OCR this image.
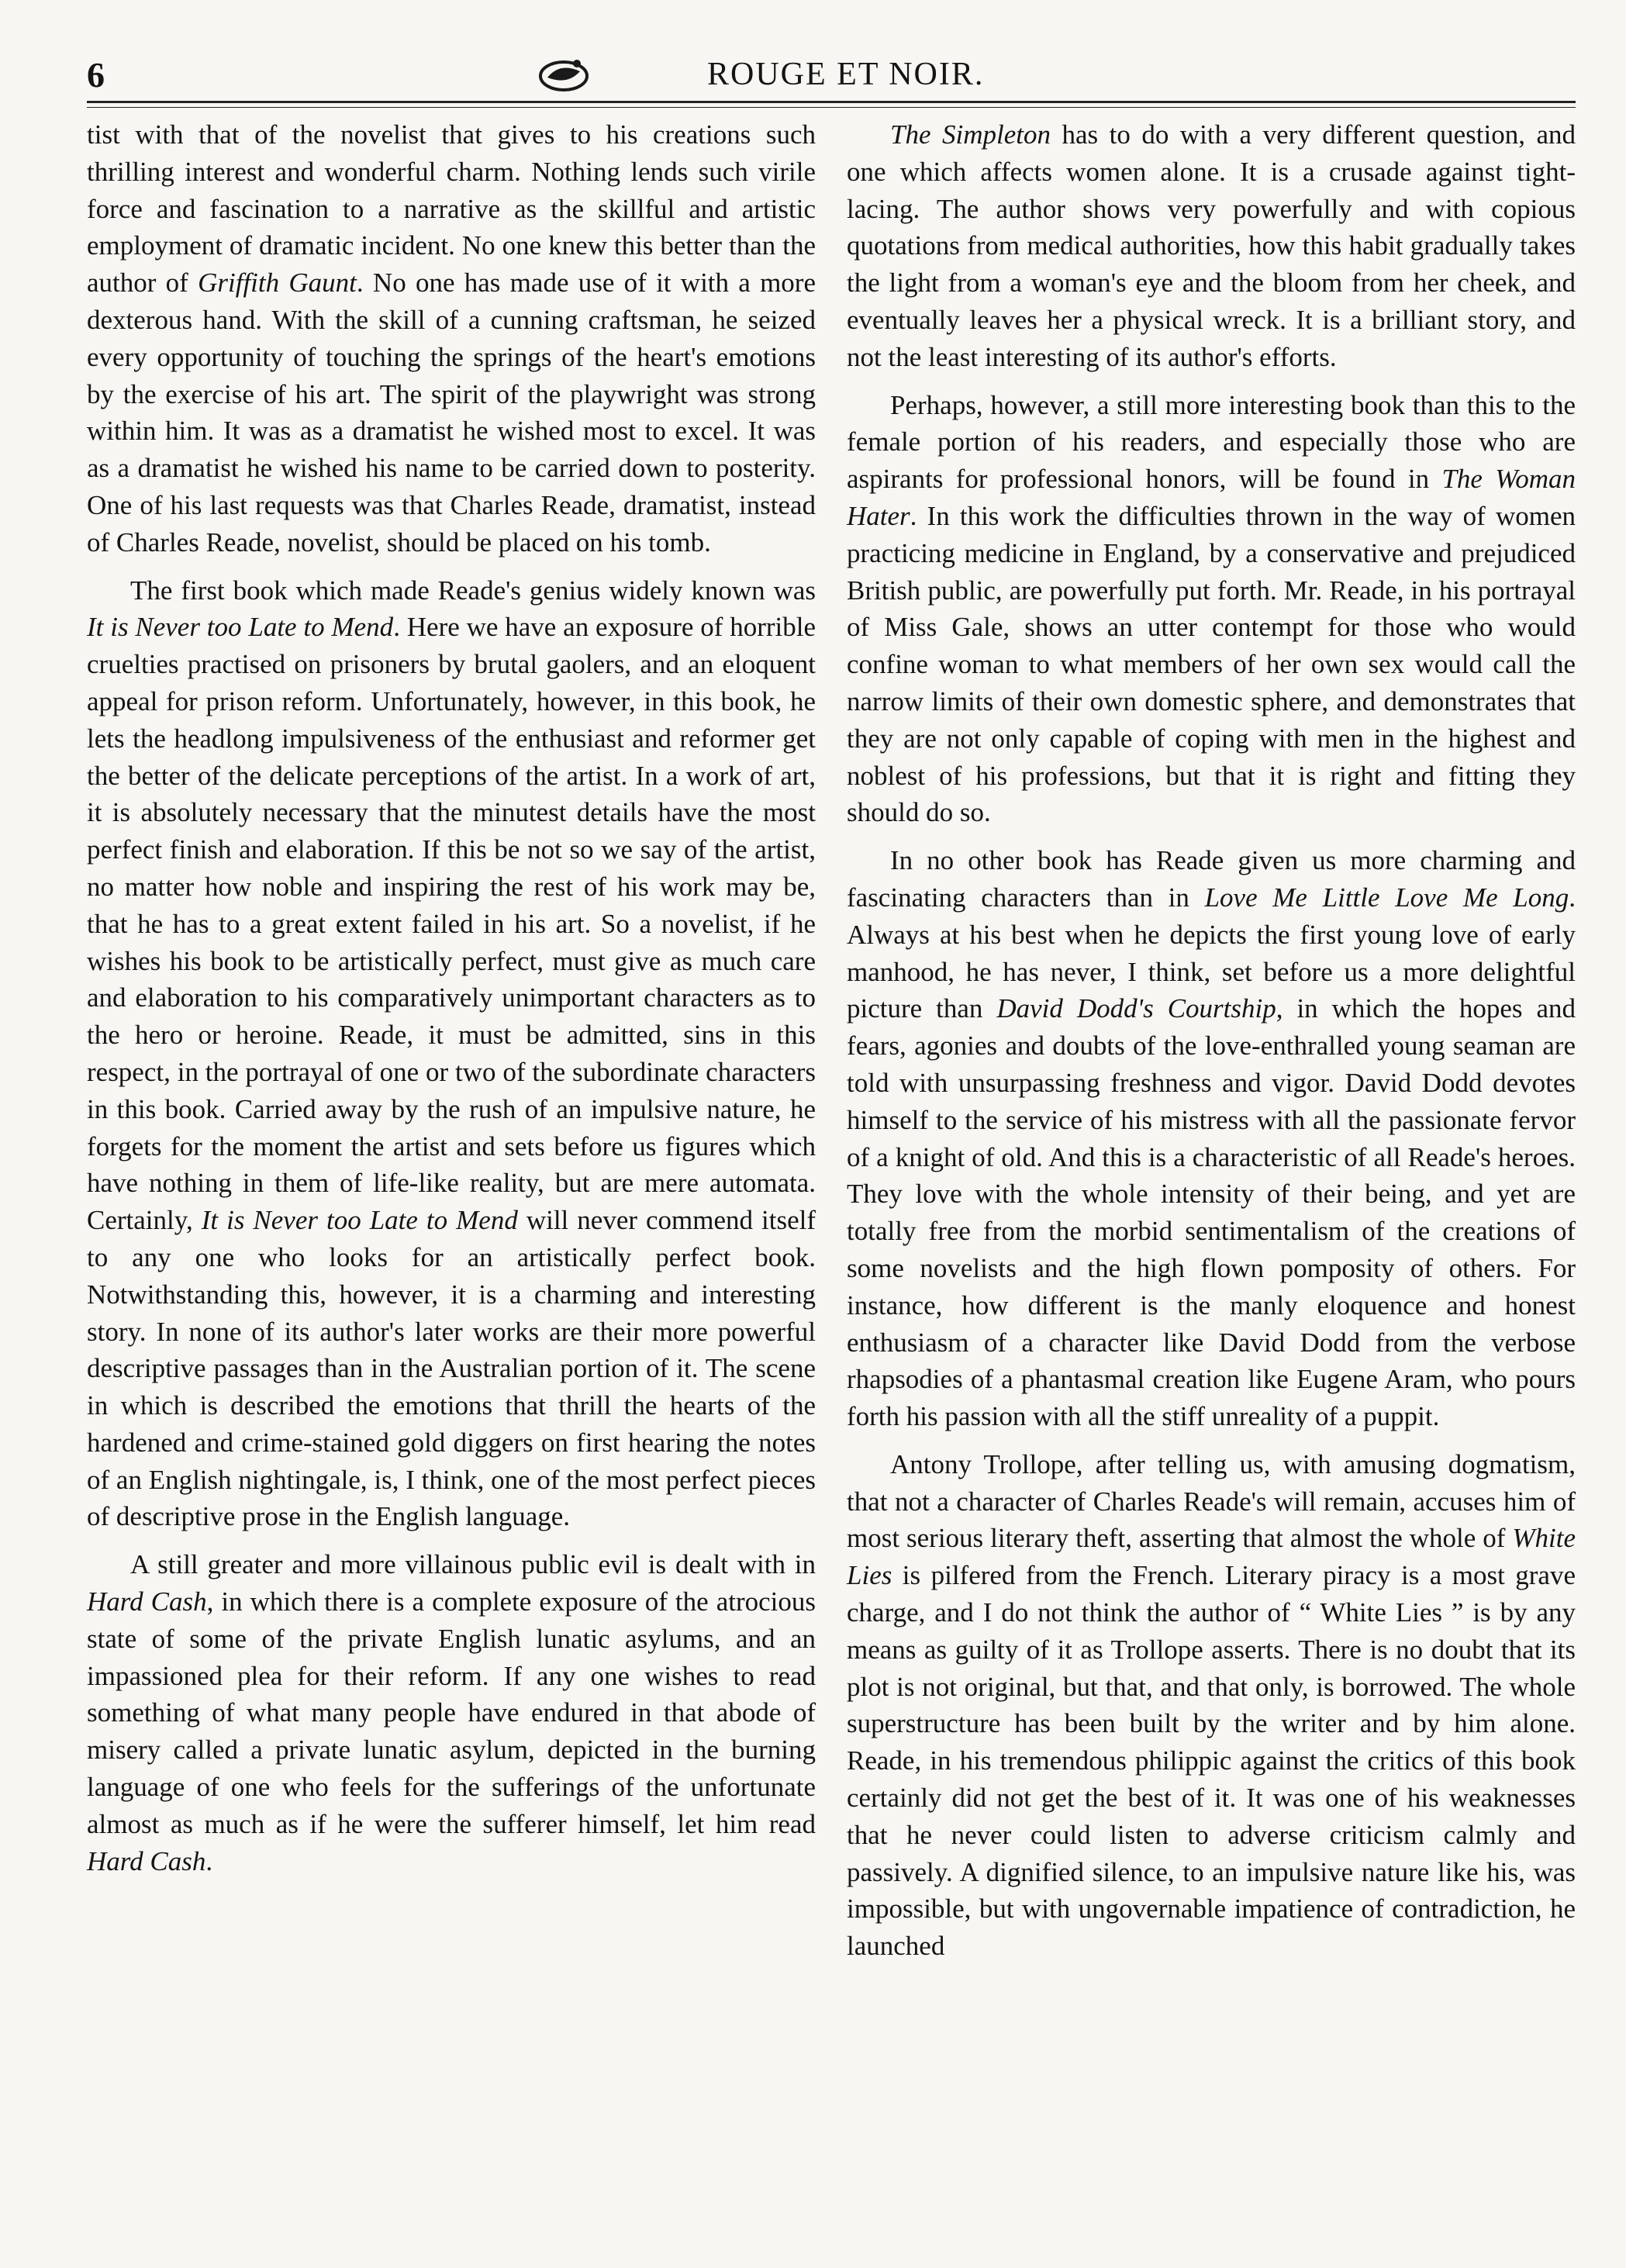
6	ROUGE ET NOIR.

tist with that of the novelist that gives to his creations such thrilling interest and wonderful charm. Nothing lends such virile force and fascination to a narrative as the skillful and artistic employment of dramatic incident. No one knew this better than the author of Griffith Gaunt. No one has made use of it with a more dexterous hand. With the skill of a cunning craftsman, he seized every opportunity of touching the springs of the heart's emotions by the exercise of his art. The spirit of the playwright was strong within him. It was as a dramatist he wished most to excel. It was as a dramatist he wished his name to be carried down to posterity. One of his last requests was that Charles Reade, dramatist, instead of Charles Reade, novelist, should be placed on his tomb.

The first book which made Reade's genius widely known was It is Never too Late to Mend. Here we have an exposure of horrible cruelties practised on prisoners by brutal gaolers, and an eloquent appeal for prison reform. Unfortunately, however, in this book, he lets the headlong impulsiveness of the enthusiast and reformer get the better of the delicate perceptions of the artist. In a work of art, it is absolutely necessary that the minutest details have the most perfect finish and elaboration. If this be not so we say of the artist, no matter how noble and inspiring the rest of his work may be, that he has to a great extent failed in his art. So a novelist, if he wishes his book to be artistically perfect, must give as much care and elaboration to his comparatively unimportant characters as to the hero or heroine. Reade, it must be admitted, sins in this respect, in the portrayal of one or two of the subordinate characters in this book. Carried away by the rush of an impulsive nature, he forgets for the moment the artist and sets before us figures which have nothing in them of life-like reality, but are mere automata. Certainly, It is Never too Late to Mend will never commend itself to any one who looks for an artistically perfect book. Notwithstanding this, however, it is a charming and interesting story. In none of its author's later works are their more powerful descriptive passages than in the Australian portion of it. The scene in which is described the emotions that thrill the hearts of the hardened and crime-stained gold diggers on first hearing the notes of an English nightingale, is, I think, one of the most perfect pieces of descriptive prose in the English language.

A still greater and more villainous public evil is dealt with in Hard Cash, in which there is a complete exposure of the atrocious state of some of the private English lunatic asylums, and an impassioned plea for their reform. If any one wishes to read something of what many people have endured in that abode of misery called a private lunatic asylum, depicted in the burning language of one who feels for the sufferings of the unfortunate almost as much as if he were the sufferer himself, let him read Hard Cash.

The Simpleton has to do with a very different question, and one which affects women alone. It is a crusade against tight-lacing. The author shows very powerfully and with copious quotations from medical authorities, how this habit gradually takes the light from a woman's eye and the bloom from her cheek, and eventually leaves her a physical wreck. It is a brilliant story, and not the least interesting of its author's efforts.

Perhaps, however, a still more interesting book than this to the female portion of his readers, and especially those who are aspirants for professional honors, will be found in The Woman Hater. In this work the difficulties thrown in the way of women practicing medicine in England, by a conservative and prejudiced British public, are powerfully put forth. Mr. Reade, in his portrayal of Miss Gale, shows an utter contempt for those who would confine woman to what members of her own sex would call the narrow limits of their own domestic sphere, and demonstrates that they are not only capable of coping with men in the highest and noblest of his professions, but that it is right and fitting they should do so.

In no other book has Reade given us more charming and fascinating characters than in Love Me Little Love Me Long. Always at his best when he depicts the first young love of early manhood, he has never, I think, set before us a more delightful picture than David Dodd's Courtship, in which the hopes and fears, agonies and doubts of the love-enthralled young seaman are told with unsurpassing freshness and vigor. David Dodd devotes himself to the service of his mistress with all the passionate fervor of a knight of old. And this is a characteristic of all Reade's heroes. They love with the whole intensity of their being, and yet are totally free from the morbid sentimentalism of the creations of some novelists and the high flown pomposity of others. For instance, how different is the manly eloquence and honest enthusiasm of a character like David Dodd from the verbose rhapsodies of a phantasmal creation like Eugene Aram, who pours forth his passion with all the stiff unreality of a puppit.

Antony Trollope, after telling us, with amusing dogmatism, that not a character of Charles Reade's will remain, accuses him of most serious literary theft, asserting that almost the whole of White Lies is pilfered from the French. Literary piracy is a most grave charge, and I do not think the author of “ White Lies ” is by any means as guilty of it as Trollope asserts. There is no doubt that its plot is not original, but that, and that only, is borrowed. The whole superstructure has been built by the writer and by him alone. Reade, in his tremendous philippic against the critics of this book certainly did not get the best of it. It was one of his weaknesses that he never could listen to adverse criticism calmly and passively. A dignified silence, to an impulsive nature like his, was impossible, but with ungovernable impatience of contradiction, he launched
